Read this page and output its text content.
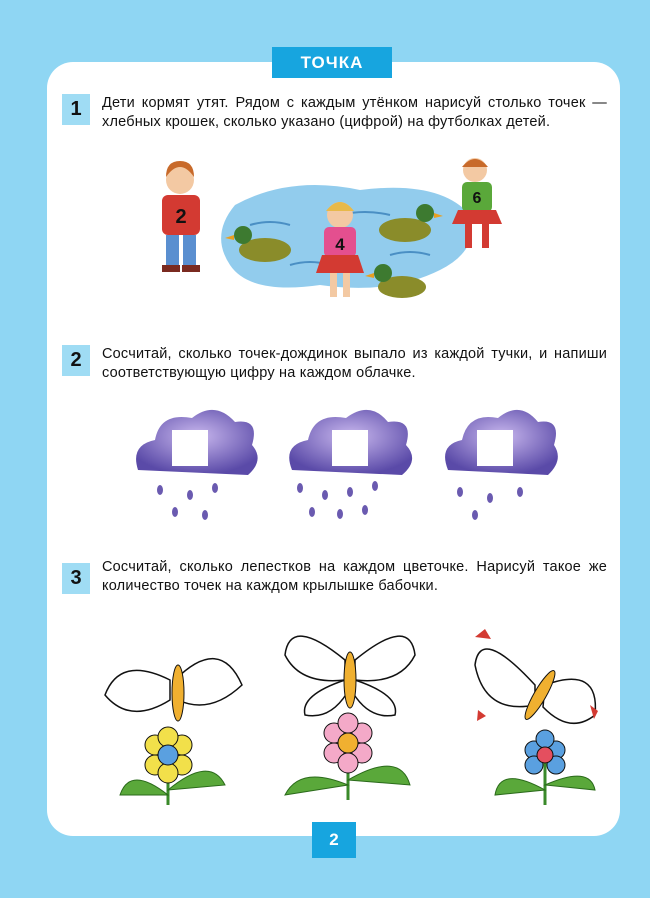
ТОЧКА
1	Дети кормят утят. Рядом с каждым утёнком нарисуй столько точек — хлебных крошек, сколько указано (цифрой) на футболках детей.
2
4
6
2	Сосчитай, сколько точек-дождинок выпало из каждой тучки, и напиши соответствующую цифру на каждом облачке.
3	Сосчитай, сколько лепестков на каждом цветочке. Нарисуй такое же количество точек на каждом крылышке бабочки.
2
